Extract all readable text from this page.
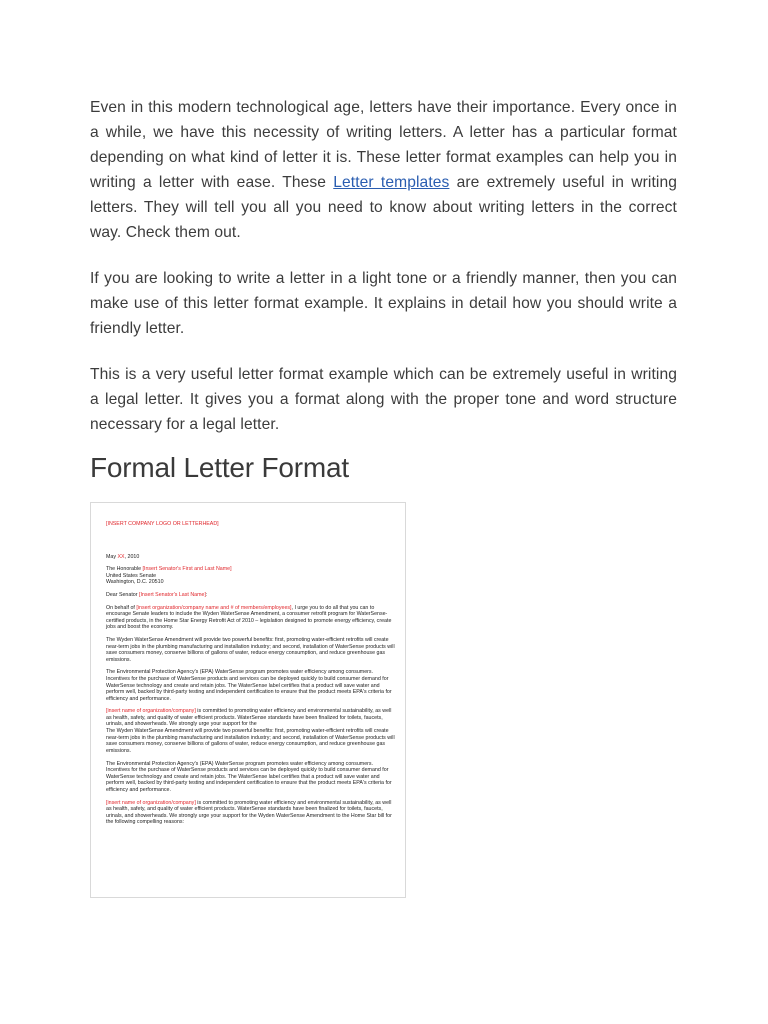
Even in this modern technological age, letters have their importance. Every once in a while, we have this necessity of writing letters. A letter has a particular format depending on what kind of letter it is. These letter format examples can help you in writing a letter with ease. These Letter templates are extremely useful in writing letters. They will tell you all you need to know about writing letters in the correct way. Check them out.

If you are looking to write a letter in a light tone or a friendly manner, then you can make use of this letter format example. It explains in detail how you should write a friendly letter.

This is a very useful letter format example which can be extremely useful in writing a legal letter. It gives you a format along with the proper tone and word structure necessary for a legal letter.

Formal Letter Format

[INSERT COMPANY LOGO OR LETTERHEAD]

May XX, 2010

The Honorable [Insert Senator's First and Last Name]
United States Senate
Washington, D.C. 20510

Dear Senator [Insert Senator's Last Name]:

On behalf of [insert organization/company name and # of members/employees], I urge you to do all that you can to encourage Senate leaders to include the Wyden WaterSense Amendment, a consumer retrofit program for WaterSense-certified products, in the Home Star Energy Retrofit Act of 2010 – legislation designed to promote energy efficiency, create jobs and boost the economy.

The Wyden WaterSense Amendment will provide two powerful benefits: first, promoting water-efficient retrofits will create near-term jobs in the plumbing manufacturing and installation industry; and second, installation of WaterSense products will save consumers money, conserve billions of gallons of water, reduce energy consumption, and reduce greenhouse gas emissions.

The Environmental Protection Agency's (EPA) WaterSense program promotes water efficiency among consumers. Incentives for the purchase of WaterSense products and services can be deployed quickly to build consumer demand for WaterSense technology and create and retain jobs. The WaterSense label certifies that a product will save water and perform well, backed by third-party testing and independent certification to ensure that the product meets EPA's criteria for efficiency and performance.

[insert name of organization/company] is committed to promoting water efficiency and environmental sustainability, as well as health, safety, and quality of water efficient products. WaterSense standards have been finalized for toilets, faucets, urinals, and showerheads. We strongly urge your support for the

The Wyden WaterSense Amendment will provide two powerful benefits: first, promoting water-efficient retrofits will create near-term jobs in the plumbing manufacturing and installation industry; and second, installation of WaterSense products will save consumers money, conserve billions of gallons of water, reduce energy consumption, and reduce greenhouse gas emissions.

The Environmental Protection Agency's (EPA) WaterSense program promotes water efficiency among consumers. Incentives for the purchase of WaterSense products and services can be deployed quickly to build consumer demand for WaterSense technology and create and retain jobs. The WaterSense label certifies that a product will save water and perform well, backed by third-party testing and independent certification to ensure that the product meets EPA's criteria for efficiency and performance.

[insert name of organization/company] is committed to promoting water efficiency and environmental sustainability, as well as health, safety, and quality of water efficient products. WaterSense standards have been finalized for toilets, faucets, urinals, and showerheads. We strongly urge your support for the Wyden WaterSense Amendment to the Home Star bill for the following compelling reasons:
